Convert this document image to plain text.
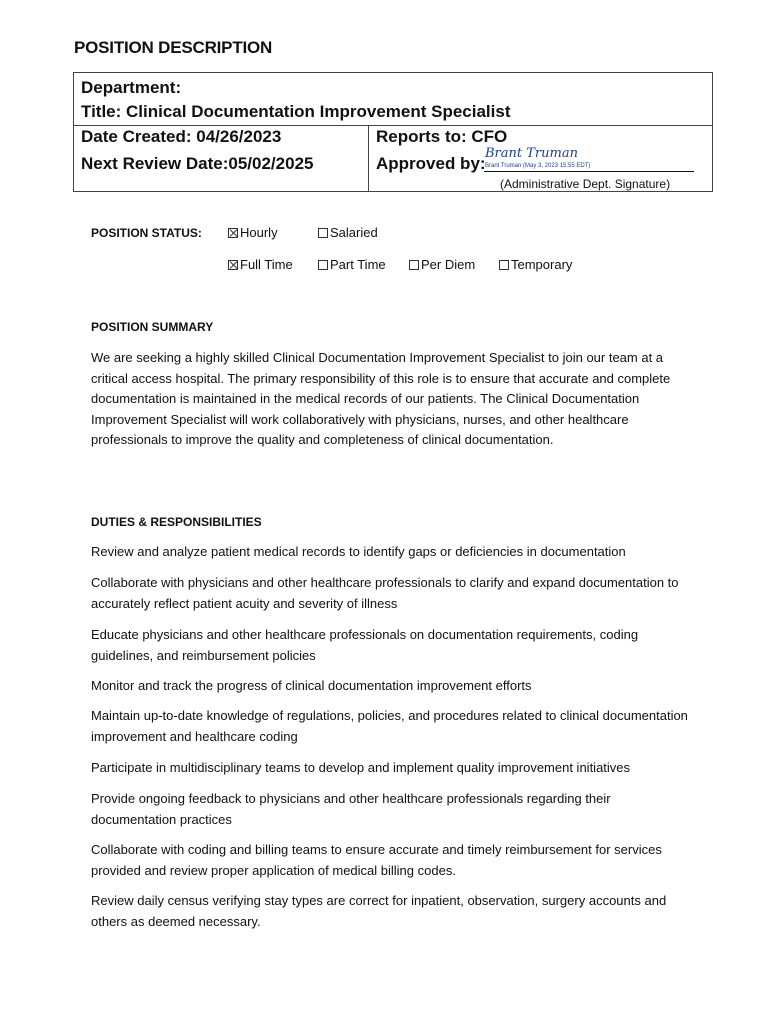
POSITION DESCRIPTION
Department:
Title: Clinical Documentation Improvement Specialist
Date Created: 04/26/2023
Next Review Date:05/02/2025
Reports to: CFO
Approved by:
Brant Truman
Brant Truman (May 3, 2023 15:55 EDT)
(Administrative Dept. Signature)
POSITION STATUS:	Hourly	Salaried
Full Time	Part Time	Per Diem	Temporary
POSITION SUMMARY
We are seeking a highly skilled Clinical Documentation Improvement Specialist to join our team at a critical access hospital. The primary responsibility of this role is to ensure that accurate and complete documentation is maintained in the medical records of our patients. The Clinical Documentation Improvement Specialist will work collaboratively with physicians, nurses, and other healthcare professionals to improve the quality and completeness of clinical documentation.
DUTIES & RESPONSIBILITIES
Review and analyze patient medical records to identify gaps or deficiencies in documentation
Collaborate with physicians and other healthcare professionals to clarify and expand documentation to accurately reflect patient acuity and severity of illness
Educate physicians and other healthcare professionals on documentation requirements, coding guidelines, and reimbursement policies
Monitor and track the progress of clinical documentation improvement efforts
Maintain up-to-date knowledge of regulations, policies, and procedures related to clinical documentation improvement and healthcare coding
Participate in multidisciplinary teams to develop and implement quality improvement initiatives
Provide ongoing feedback to physicians and other healthcare professionals regarding their documentation practices
Collaborate with coding and billing teams to ensure accurate and timely reimbursement for services provided and review proper application of medical billing codes.
Review daily census verifying stay types are correct for inpatient, observation, surgery accounts and others as deemed necessary.
